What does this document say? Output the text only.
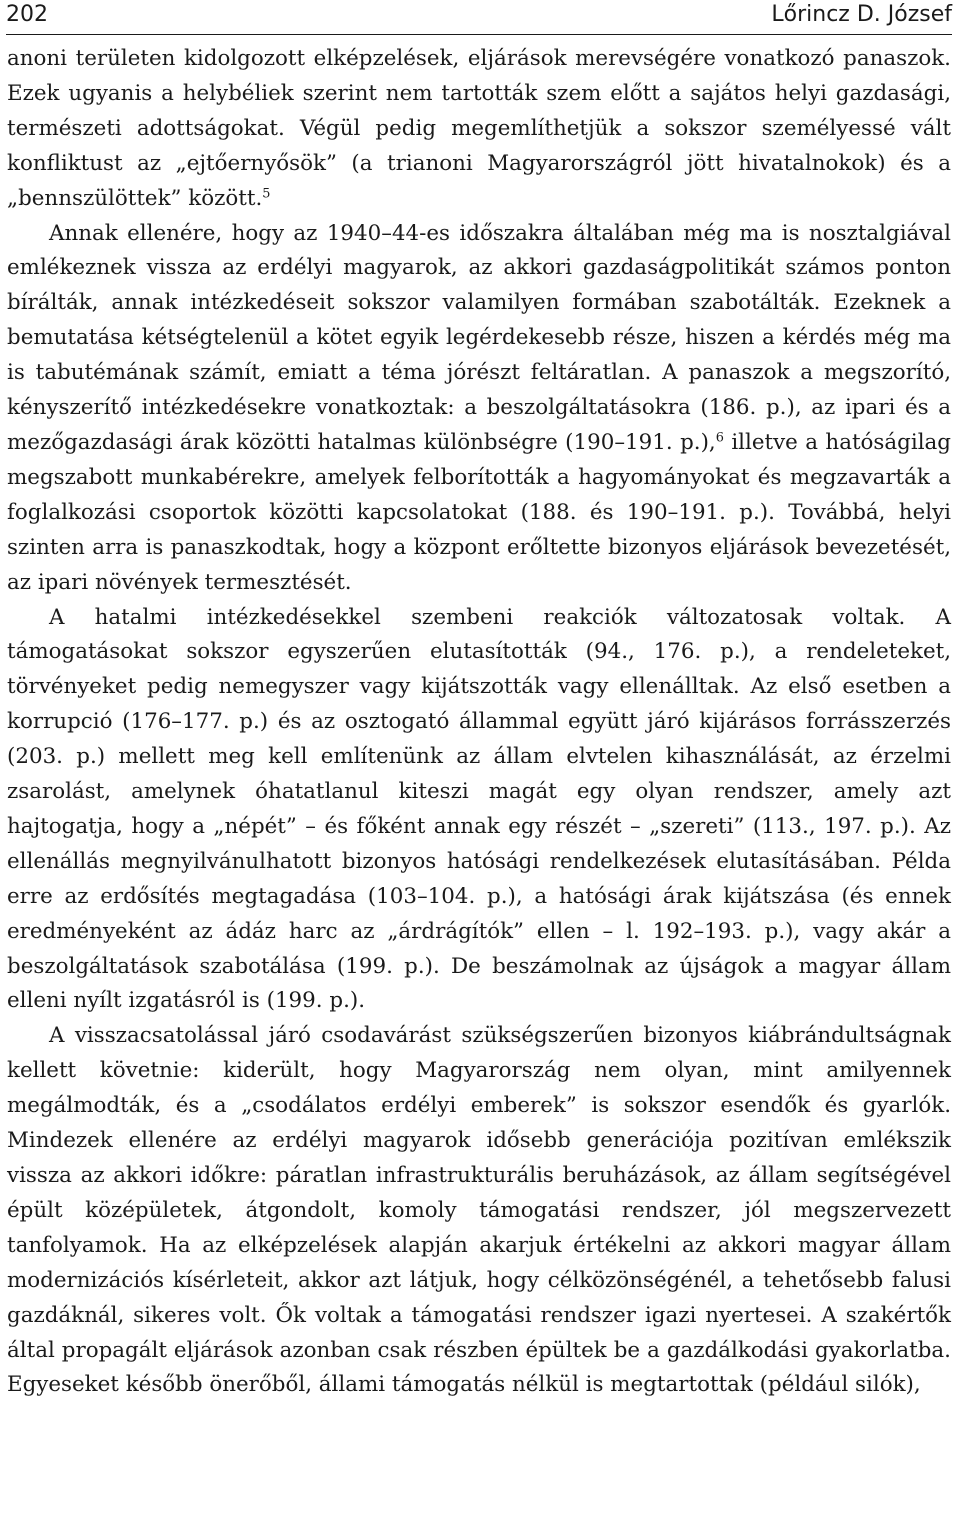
202	Lőrincz D. József

anoni területen kidolgozott elképzelések, eljárások merevségére vonatkozó panaszok. Ezek ugyanis a helybéliek szerint nem tartották szem előtt a sajátos helyi gazdasági, természeti adottságokat. Végül pedig megemlíthetjük a sokszor személyessé vált konfliktust az „ejtőernyősök” (a trianoni Magyarországról jött hivatalnokok) és a „bennszülöttek” között.$^5$

Annak ellenére, hogy az 1940–44-es időszakra általában még ma is nosztalgiával emlékeznek vissza az erdélyi magyarok, az akkori gazdaságpolitikát számos ponton bírálták, annak intézkedéseit sokszor valamilyen formában szabotálták. Ezeknek a bemutatása kétségtelenül a kötet egyik legérdekesebb része, hiszen a kérdés még ma is tabutémának számít, emiatt a téma jórészt feltáratlan. A panaszok a megszorító, kényszerítő intézkedésekre vonatkoztak: a beszolgáltatásokra (186. p.), az ipari és a mezőgazdasági árak közötti hatalmas különbségre (190–191. p.),$^6$ illetve a hatóságilag megszabott munkabérekre, amelyek felborították a hagyományokat és megzavarták a foglalkozási csoportok közötti kapcsolatokat (188. és 190–191. p.). Továbbá, helyi szinten arra is panaszkodtak, hogy a központ erőltette bizonyos eljárások bevezetését, az ipari növények termesztését.

A hatalmi intézkedésekkel szembeni reakciók változatosak voltak. A támogatásokat sokszor egyszerűen elutasították (94., 176. p.), a rendeleteket, törvényeket pedig nemegyszer vagy kijátszották vagy ellenálltak. Az első esetben a korrupció (176–177. p.) és az osztogató állammal együtt járó kijárásos forrásszerzés (203. p.) mellett meg kell említenünk az állam elvtelen kihasználását, az érzelmi zsarolást, amelynek óhatatlanul kiteszi magát egy olyan rendszer, amely azt hajtogatja, hogy a „népét” – és főként annak egy részét – „szereti” (113., 197. p.). Az ellenállás megnyilvánulhatott bizonyos hatósági rendelkezések elutasításában. Példa erre az erdősítés megtagadása (103–104. p.), a hatósági árak kijátszása (és ennek eredményeként az ádáz harc az „árdrágítók” ellen – l. 192–193. p.), vagy akár a beszolgáltatások szabotálása (199. p.). De beszámolnak az újságok a magyar állam elleni nyílt izgatásról is (199. p.).

A visszacsatolással járó csodavárást szükségszerűen bizonyos kiábrándultságnak kellett követnie: kiderült, hogy Magyarország nem olyan, mint amilyennek megálmodták, és a „csodálatos erdélyi emberek” is sokszor esendők és gyarlók. Mindezek ellenére az erdélyi magyarok idősebb generációja pozitívan emlékszik vissza az akkori időkre: páratlan infrastrukturális beruházások, az állam segítségével épült középületek, átgondolt, komoly támogatási rendszer, jól megszervezett tanfolyamok. Ha az elképzelések alapján akarjuk értékelni az akkori magyar állam modernizációs kísérleteit, akkor azt látjuk, hogy célközönségénél, a tehetősebb falusi gazdáknál, sikeres volt. Ők voltak a támogatási rendszer igazi nyertesei. A szakértők által propagált eljárások azonban csak részben épültek be a gazdálkodási gyakorlatba. Egyeseket később önerőből, állami támogatás nélkül is megtartottak (például silók),
